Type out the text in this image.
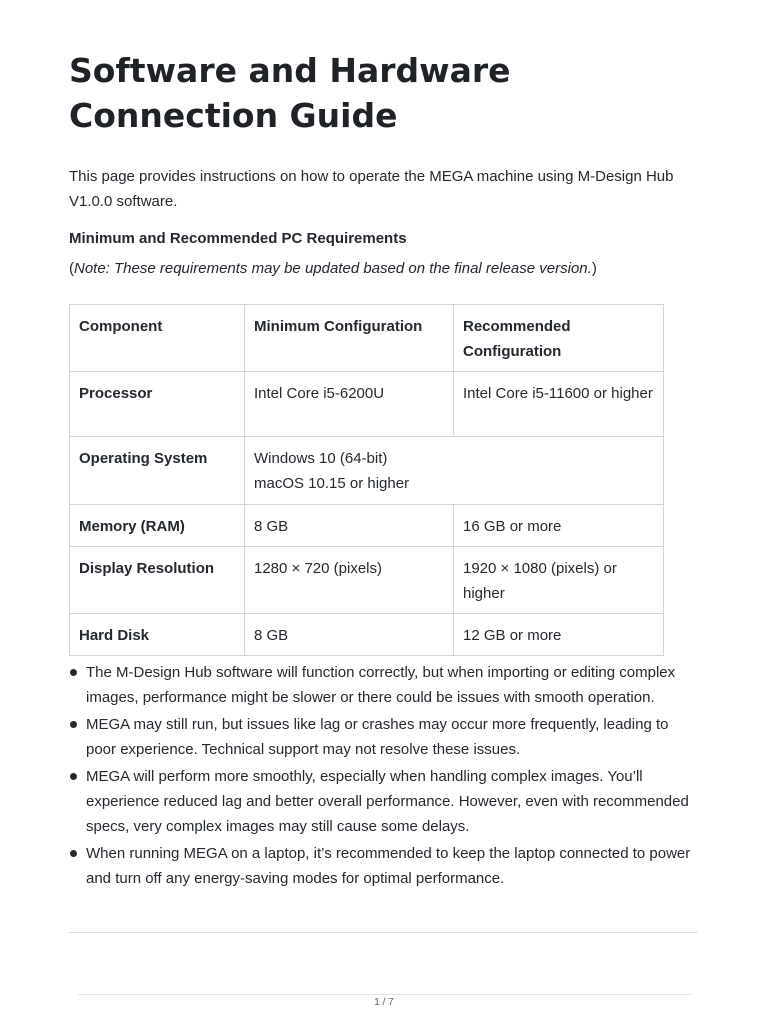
Software and Hardware Connection Guide

This page provides instructions on how to operate the MEGA machine using M-Design Hub V1.0.0 software.

Minimum and Recommended PC Requirements

(Note: These requirements may be updated based on the final release version.)

Component	Minimum Configuration	Recommended Configuration
Processor	Intel Core i5-6200U	Intel Core i5-11600 or higher
Operating System	Windows 10 (64-bit)
macOS 10.15 or higher	

Memory (RAM)	8 GB	16 GB or more
Display Resolution	1280 × 720 (pixels)	1920 × 1080 (pixels) or higher
Hard Disk	8 GB	12 GB or more
The M-Design Hub software will function correctly, but when importing or editing complex images, performance might be slower or there could be issues with smooth operation.
MEGA may still run, but issues like lag or crashes may occur more frequently, leading to poor experience. Technical support may not resolve these issues.
MEGA will perform more smoothly, especially when handling complex images. You’ll experience reduced lag and better overall performance. However, even with recommended specs, very complex images may still cause some delays.
When running MEGA on a laptop, it’s recommended to keep the laptop connected to power and turn off any energy-saving modes for optimal performance.
1 / 7
